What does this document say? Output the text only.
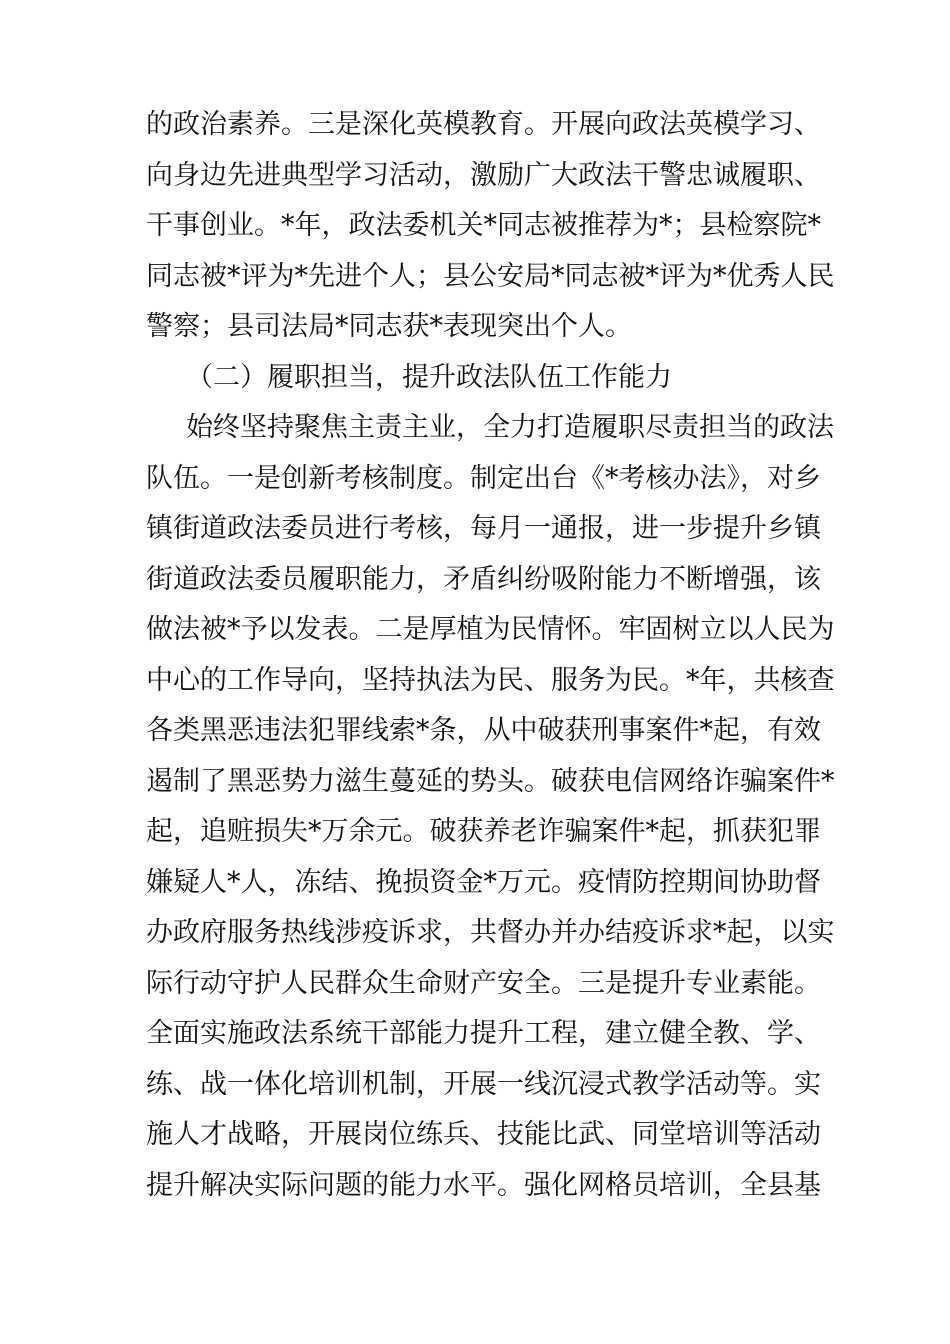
的政治素养。三是深化英模教育。开展向政法英模学习、
向身边先进典型学习活动，激励广大政法干警忠诚履职、
干事创业。*年，政法委机关*同志被推荐为*；县检察院*
同志被*评为*先进个人；县公安局*同志被*评为*优秀人民
警察；县司法局*同志获*表现突出个人。
（二）履职担当，提升政法队伍工作能力
始终坚持聚焦主责主业，全力打造履职尽责担当的政法
队伍。一是创新考核制度。制定出台《*考核办法》，对乡
镇街道政法委员进行考核，每月一通报，进一步提升乡镇
街道政法委员履职能力，矛盾纠纷吸附能力不断增强，该
做法被*予以发表。二是厚植为民情怀。牢固树立以人民为
中心的工作导向，坚持执法为民、服务为民。*年，共核查
各类黑恶违法犯罪线索*条，从中破获刑事案件*起，有效
遏制了黑恶势力滋生蔓延的势头。破获电信网络诈骗案件*
起，追赃损失*万余元。破获养老诈骗案件*起，抓获犯罪
嫌疑人*人，冻结、挽损资金*万元。疫情防控期间协助督
办政府服务热线涉疫诉求，共督办并办结疫诉求*起，以实
际行动守护人民群众生命财产安全。三是提升专业素能。
全面实施政法系统干部能力提升工程，建立健全教、学、
练、战一体化培训机制，开展一线沉浸式教学活动等。实
施人才战略，开展岗位练兵、技能比武、同堂培训等活动
提升解决实际问题的能力水平。强化网格员培训，全县基
